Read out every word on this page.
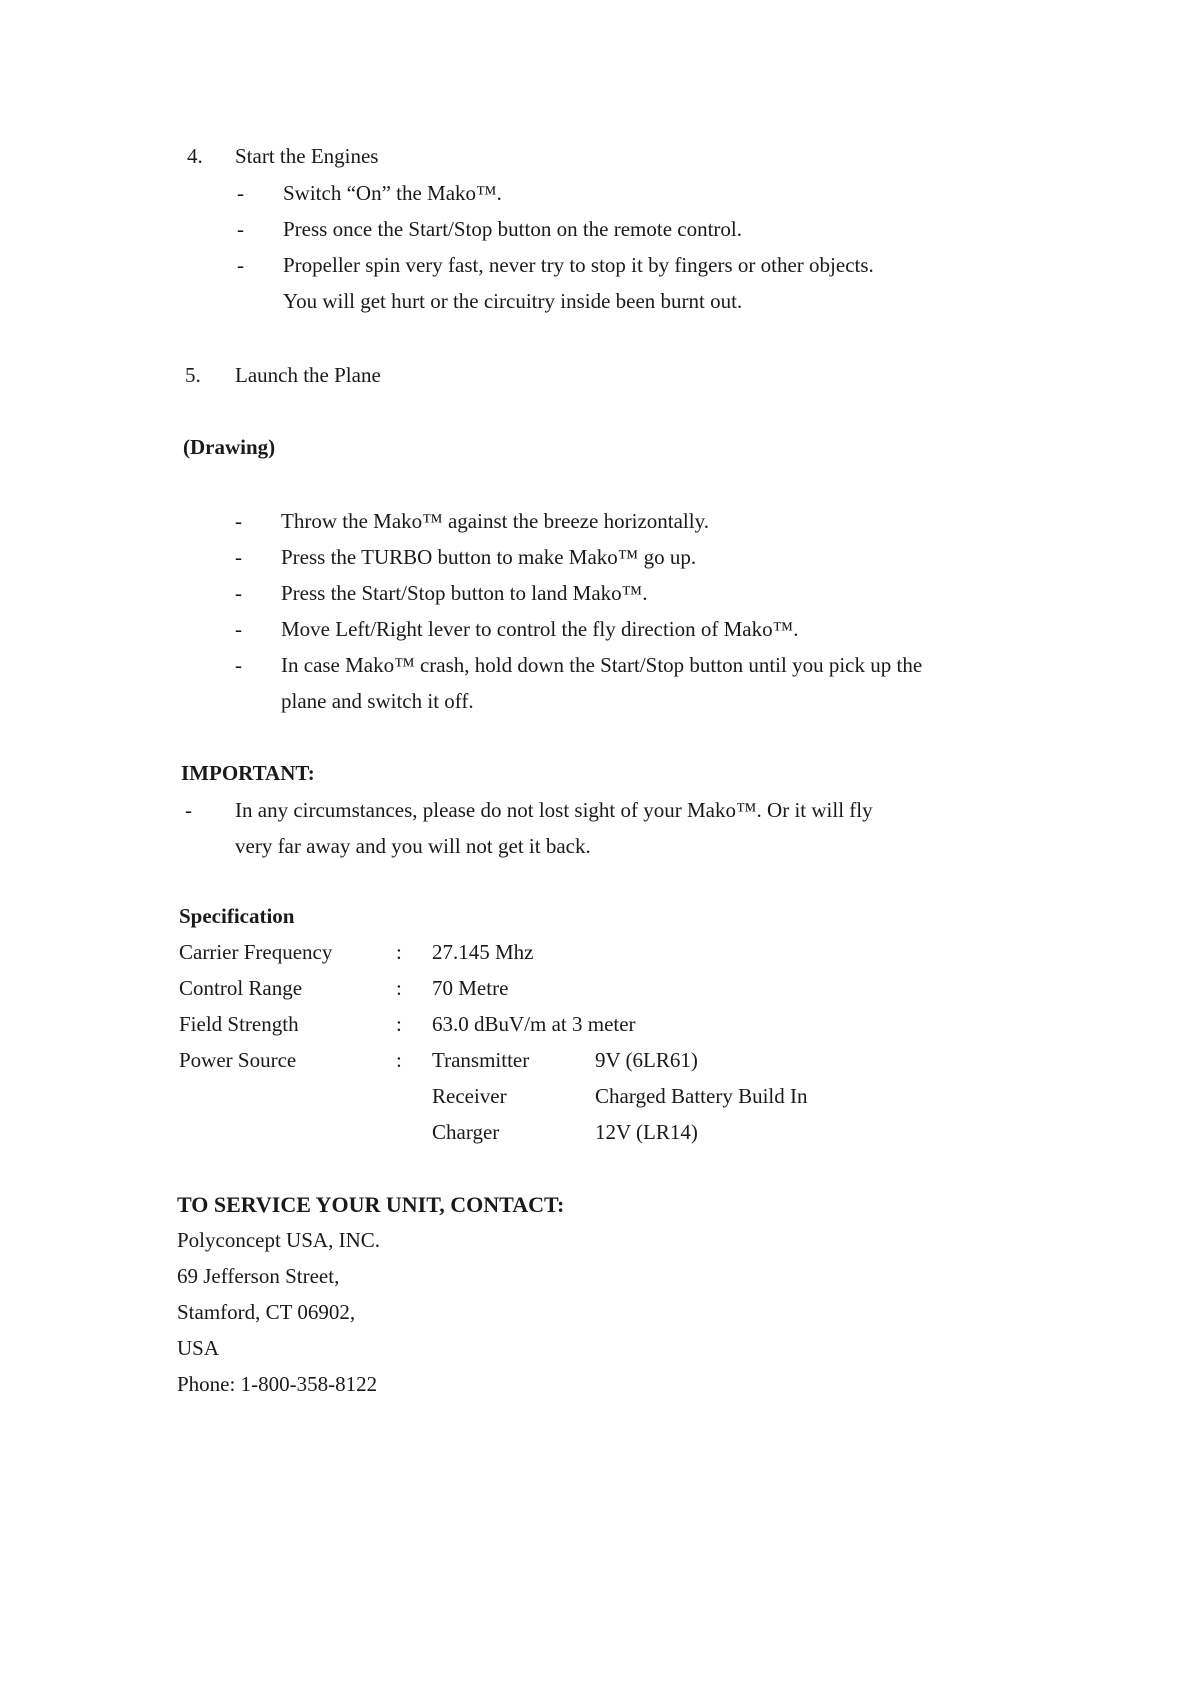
4. Start the Engines
- Switch “On” the Mako™.
- Press once the Start/Stop button on the remote control.
- Propeller spin very fast, never try to stop it by fingers or other objects.
You will get hurt or the circuitry inside been burnt out.
5. Launch the Plane
(Drawing)
- Throw the Mako™ against the breeze horizontally.
- Press the TURBO button to make Mako™ go up.
- Press the Start/Stop button to land Mako™.
- Move Left/Right lever to control the fly direction of Mako™.
- In case Mako™ crash, hold down the Start/Stop button until you pick up the
plane and switch it off.
IMPORTANT:
- In any circumstances, please do not lost sight of your Mako™. Or it will fly
very far away and you will not get it back.
Specification
Carrier Frequency	: 27.145 Mhz
Control Range	: 70 Metre
Field Strength	: 63.0 dBuV/m at 3 meter
Power Source	: Transmitter	9V (6LR61)
Receiver	Charged Battery Build In
Charger	12V (LR14)
TO SERVICE YOUR UNIT, CONTACT:
Polyconcept USA, INC.
69 Jefferson Street,
Stamford, CT 06902,
USA
Phone: 1-800-358-8122
